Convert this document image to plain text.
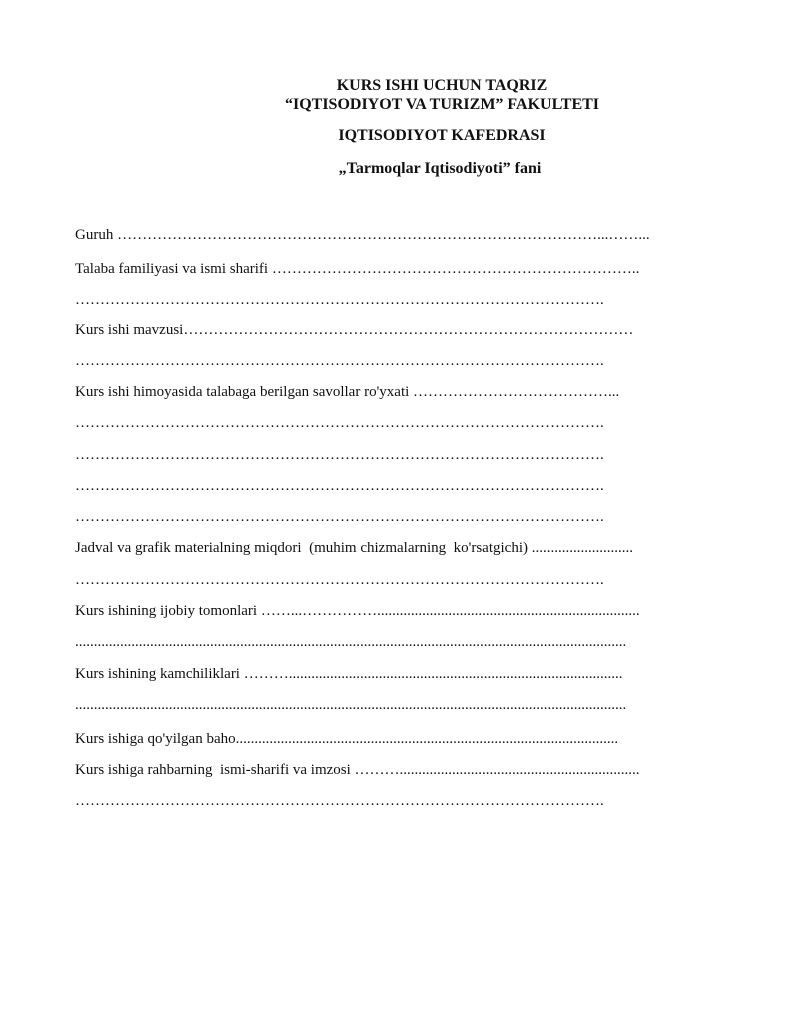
KURS ISHI UCHUN TAQRIZ
“IQTISODIYOT VA TURIZM” FAKULTETI
IQTISODIYOT KAFEDRASI
„Tarmoqlar Iqtisodiyoti” fani
Guruh ……………………………………………………………………………………...……...
Talaba familiyasi va ismi sharifi ………………………………………………………………..
…………………………………………………………………………………………….
Kurs ishi mavzusi………………………………………………………………………………
…………………………………………………………………………………………….
Kurs ishi himoyasida talabaga berilgan savollar ro'yxati …………………………………...
…………………………………………………………………………………………….
…………………………………………………………………………………………….
…………………………………………………………………………………………….
…………………………………………………………………………………………….
Jadval va grafik materialning miqdori  (muhim chizmalarning  ko'rsatgichi) ...........................
…………………………………………………………………………………………….
Kurs ishining ijobiy tomonlari ……...……………......................................................................
...................................................................................................................................................
Kurs ishining kamchiliklari ……….........................................................................................
...................................................................................................................................................
Kurs ishiga qo'yilgan baho......................................................................................................
Kurs ishiga rahbarning  ismi-sharifi va imzosi ………................................................................
…………………………………………………………………………………………….
